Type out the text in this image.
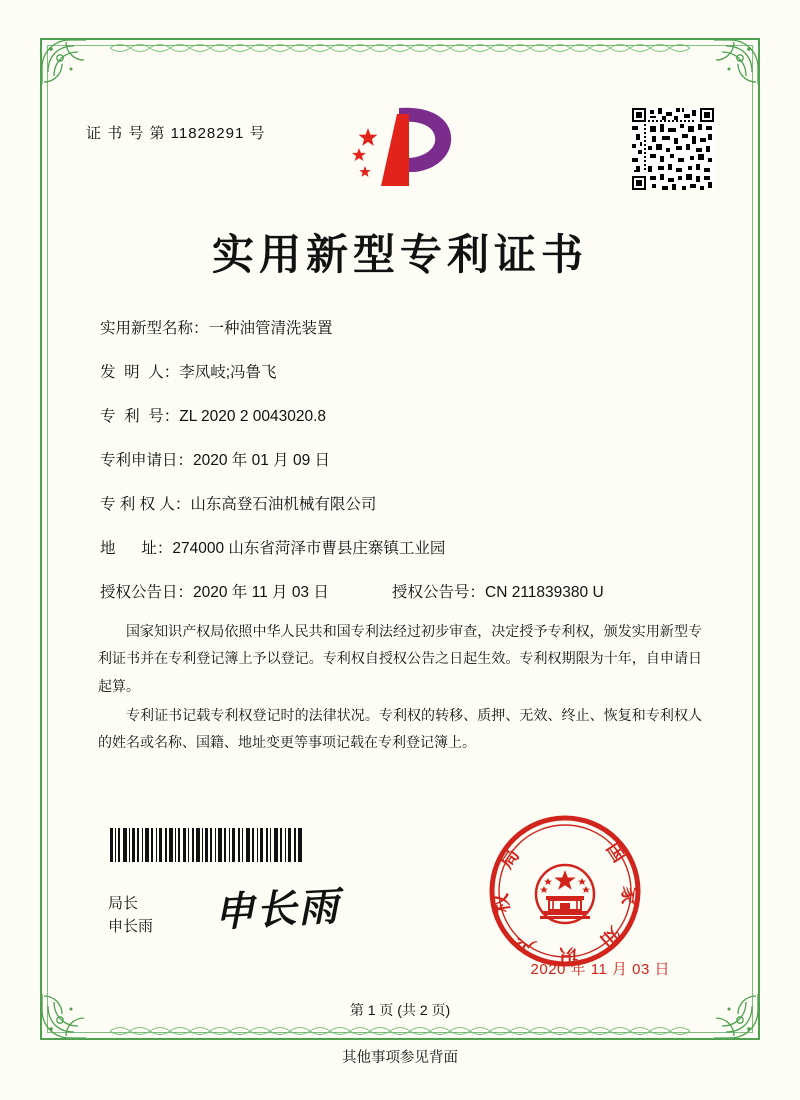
证 书 号 第 11828291 号
实用新型专利证书
实用新型名称： 一种油管清洗装置
发  明  人： 李凤岐;冯鲁飞
专  利  号： ZL 2020 2 0043020.8
专利申请日： 2020 年 01 月 09 日
专 利 权 人： 山东高登石油机械有限公司
地      址： 274000 山东省菏泽市曹县庄寨镇工业园
授权公告日： 2020 年 11 月 03 日	授权公告号： CN 211839380 U

国家知识产权局依照中华人民共和国专利法经过初步审查，决定授予专利权，颁发实用新型专利证书并在专利登记簿上予以登记。专利权自授权公告之日起生效。专利权期限为十年，自申请日起算。

专利证书记载专利权登记时的法律状况。专利权的转移、质押、无效、终止、恢复和专利权人的姓名或名称、国籍、地址变更等事项记载在专利登记簿上。

局长
申长雨 申长雨
国 家 知 识 产 权 局
2020 年 11 月 03 日
第 1 页 (共 2 页)
其他事项参见背面
